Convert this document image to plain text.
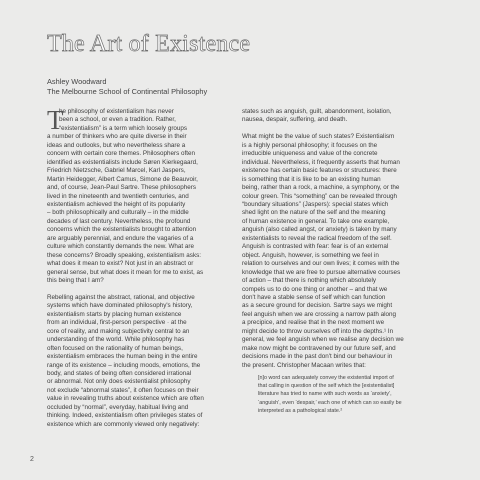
The Art of Existence
Ashley Woodward
The Melbourne School of Continental Philosophy
T
he philosophy of existentialism has never
been a school, or even a tradition. Rather,
“existentialism” is a term which loosely groups
a number of thinkers who are quite diverse in their
ideas and outlooks, but who nevertheless share a
concern with certain core themes. Philosophers often
identified as existentialists include Søren Kierkegaard,
Friedrich Nietzsche, Gabriel Marcel, Karl Jaspers,
Martin Heidegger, Albert Camus, Simone de Beauvoir,
and, of course, Jean-Paul Sartre. These philosophers
lived in the nineteenth and twentieth centuries, and
existentialism achieved the height of its popularity
– both philosophically and culturally – in the middle
decades of last century. Nevertheless, the profound
concerns which the existentialists brought to attention
are arguably perennial, and endure the vagaries of a
culture which constantly demands the new. What are
these concerns? Broadly speaking, existentialism asks:
what does it mean to exist? Not just in an abstract or
general sense, but what does it mean for me to exist, as
this being that I am?
Rebelling against the abstract, rational, and objective
systems which have dominated philosophy's history,
existentialism starts by placing human existence
from an individual, first-person perspective · at the
core of reality, and making subjectivity central to an
understanding of the world. While philosophy has
often focused on the rationality of human beings,
existentialism embraces the human being in the entire
range of its existence – including moods, emotions, the
body, and states of being often considered irrational
or abnormal. Not only does existentialist philosophy
not exclude “abnormal states”, it often focuses on their
value in revealing truths about existence which are often
occluded by “normal”, everyday, habitual living and
thinking. Indeed, existentialism often privileges states of
existence which are commonly viewed only negatively:
states such as anguish, guilt, abandonment, isolation,
nausea, despair, suffering, and death.
What might be the value of such states? Existentialism
is a highly personal philosophy; it focuses on the
irreducible uniqueness and value of the concrete
individual. Nevertheless, it frequently asserts that human
existence has certain basic features or structures: there
is something that it is like to be an existing human
being, rather than a rock, a machine, a symphony, or the
colour green. This “something” can be revealed through
“boundary situations” (Jaspers): special states which
shed light on the nature of the self and the meaning
of human existence in general. To take one example,
anguish (also called angst, or anxiety) is taken by many
existentialists to reveal the radical freedom of the self.
Anguish is contrasted with fear: fear is of an external
object. Anguish, however, is something we feel in
relation to ourselves and our own lives; it comes with the
knowledge that we are free to pursue alternative courses
of action – that there is nothing which absolutely
compels us to do one thing or another – and that we
don't have a stable sense of self which can function
as a secure ground for decision. Sartre says we might
feel anguish when we are crossing a narrow path along
a precipice, and realise that in the next moment we
might decide to throw ourselves off into the depths.¹ In
general, we feel anguish when we realise any decision we
make now might be contravened by our future self, and
decisions made in the past don't bind our behaviour in
the present. Christopher Macaan writes that:
[n]o word can adequately convey the existential import of
that calling in question of the self which the [existentialist]
literature has tried to name with such words as ‘anxiety’,
‘anguish’, even ‘despair,’ each one of which can so easily be
interpreted as a pathological state.²
2
